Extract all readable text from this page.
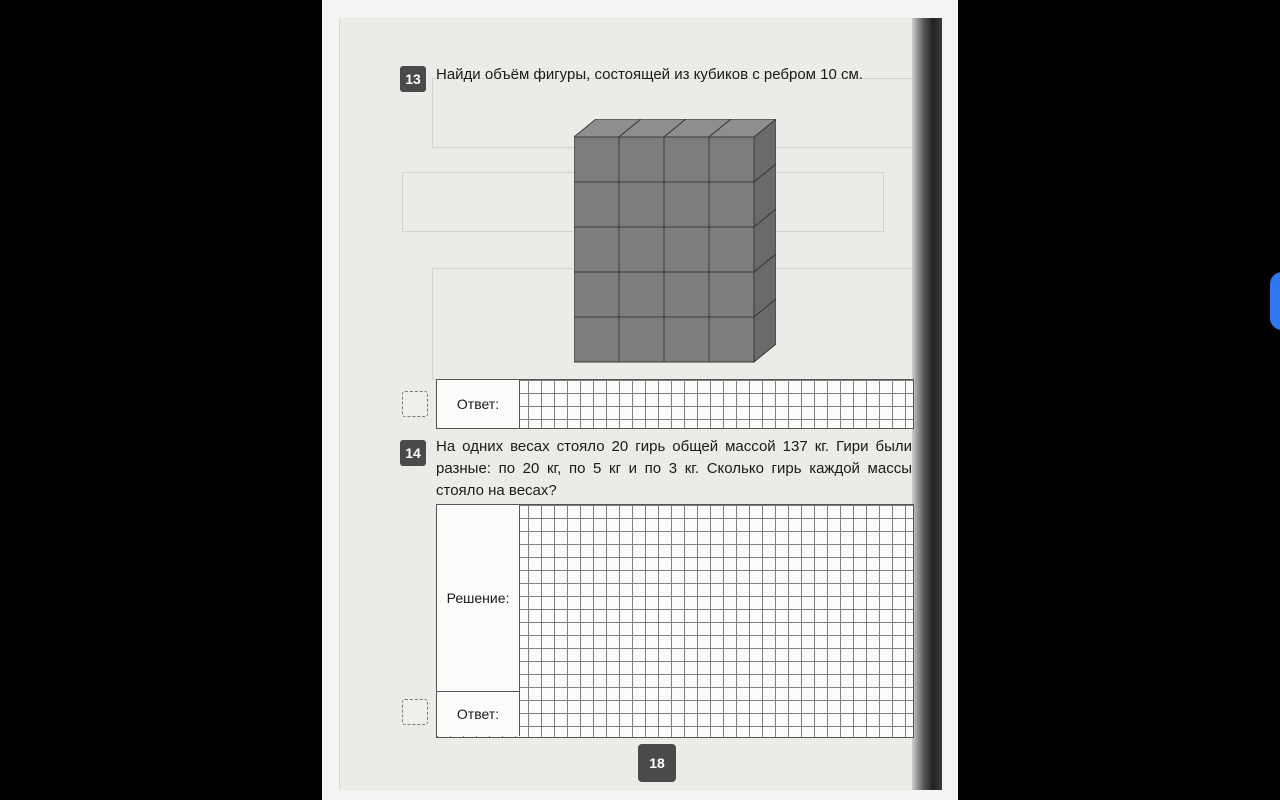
13	Найди объём фигуры, состоящей из кубиков с ребром 10 см.
Ответ:
14	На одних весах стояло 20 гирь общей массой 137 кг. Гири были разные: по 20 кг, по 5 кг и по 3 кг. Сколько гирь каждой массы стояло на весах?
Решение:
Ответ:
18
